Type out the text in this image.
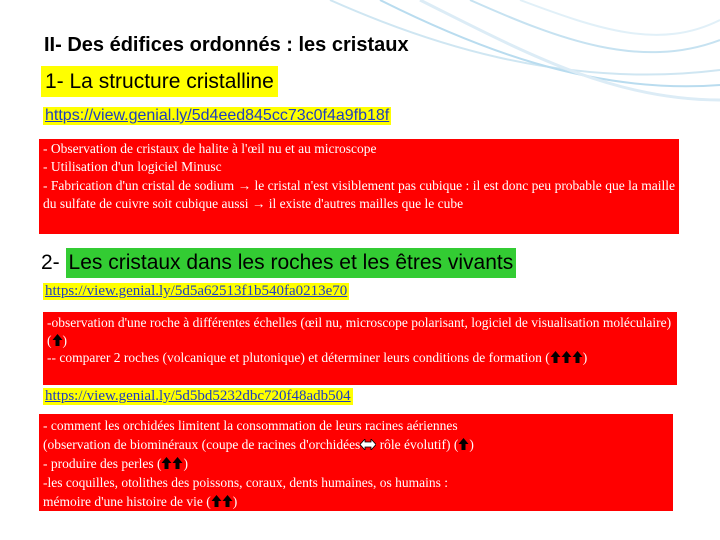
II- Des édifices ordonnés : les cristaux
1- La structure cristalline
https://view.genial.ly/5d4eed845cc73c0f4a9fb18f
- Observation de cristaux de halite à l'œil nu et au microscope
- Utilisation d'un logiciel Minusc
- Fabrication d'un cristal de sodium → le cristal n'est visiblement pas cubique : il est donc peu probable que la maille du sulfate de cuivre soit cubique aussi → il existe d'autres mailles que le cube
2- Les cristaux dans les roches et les êtres vivants
https://view.genial.ly/5d5a62513f1b540fa0213e70
-observation d'une roche à différentes échelles (œil nu, microscope polarisant, logiciel de visualisation moléculaire) ( )
-- comparer 2 roches (volcanique et plutonique) et déterminer leurs conditions de formation ( )
https://view.genial.ly/5d5bd5232dbc720f48adb504
- comment les orchidées limitent la consommation de leurs racines aériennes
(observation de biominéraux (coupe de racines d'orchidées rôle évolutif) ( )
- produire des perles ( )
-les coquilles, otolithes des poissons, coraux, dents humaines, os humains :
mémoire d'une histoire de vie ( )
